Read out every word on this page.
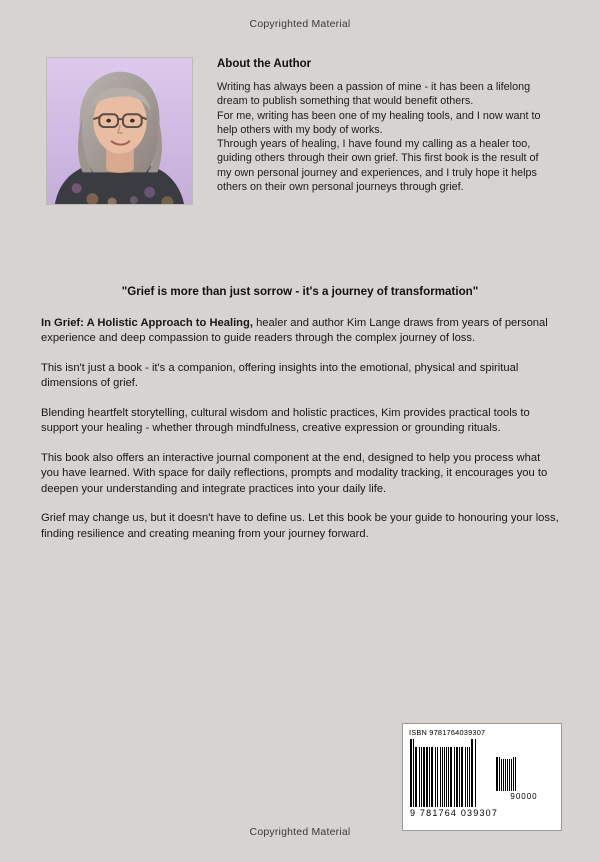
Copyrighted Material
About the Author

Writing has always been a passion of mine - it has been a lifelong dream to publish something that would benefit others.

For me, writing has been one of my healing tools, and I now want to help others with my body of works.

Through years of healing, I have found my calling as a healer too, guiding others through their own grief. This first book is the result of my own personal journey and experiences, and I truly hope it helps others on their own personal journeys through grief.

"Grief is more than just sorrow - it's a journey of transformation"

In Grief: A Holistic Approach to Healing, healer and author Kim Lange draws from years of personal experience and deep compassion to guide readers through the complex journey of loss.

This isn't just a book - it's a companion, offering insights into the emotional, physical and spiritual dimensions of grief.

Blending heartfelt storytelling, cultural wisdom and holistic practices, Kim provides practical tools to support your healing - whether through mindfulness, creative expression or grounding rituals.

This book also offers an interactive journal component at the end, designed to help you process what you have learned. With space for daily reflections, prompts and modality tracking, it encourages you to deepen your understanding and integrate practices into your daily life.

Grief may change us, but it doesn't have to define us. Let this book be your guide to honouring your loss, finding resilience and creating meaning from your journey forward.

ISBN 9781764039307
9 781764 039307
90000
Copyrighted Material
